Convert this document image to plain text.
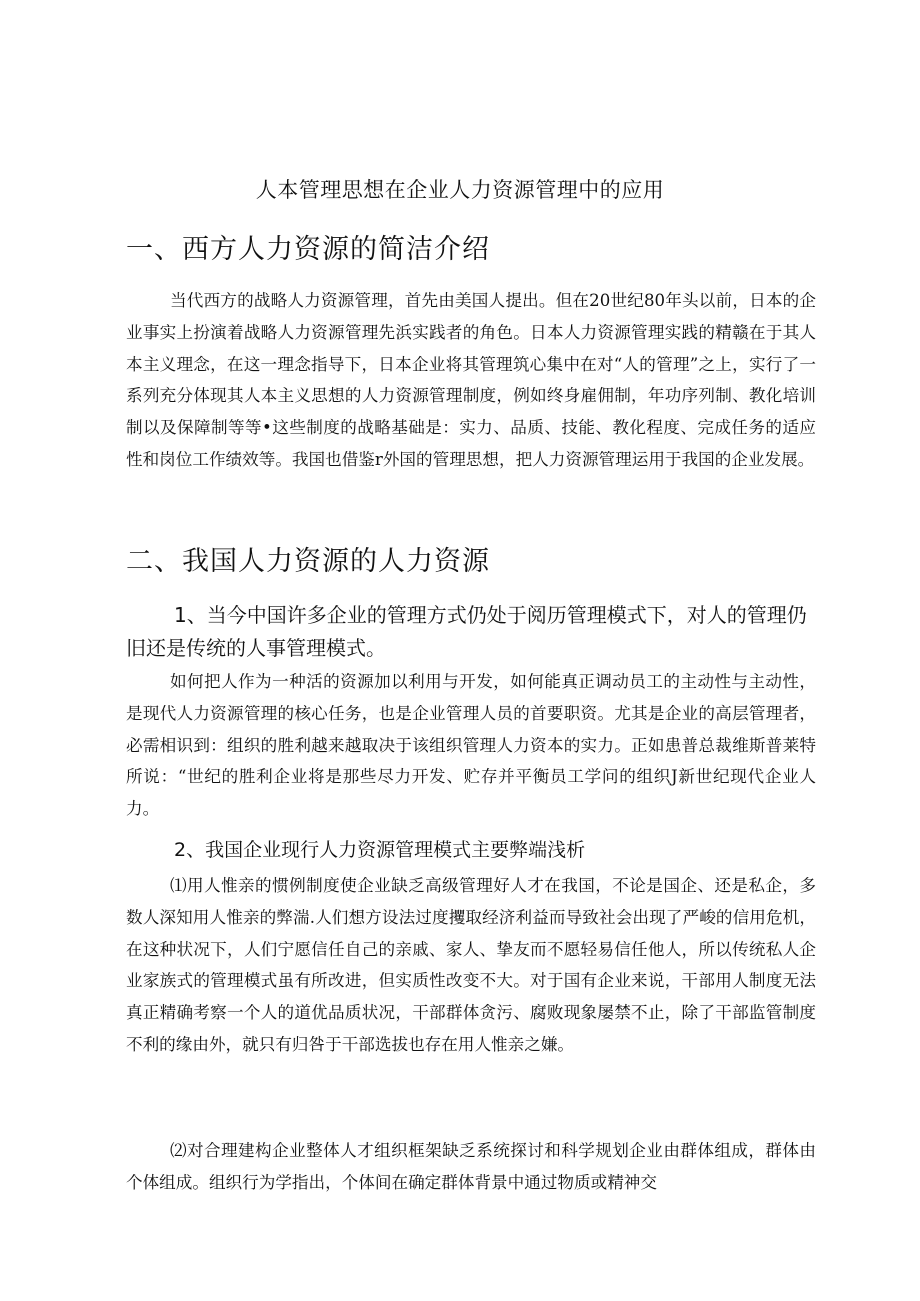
人本管理思想在企业人力资源管理中的应用
一、西方人力资源的简洁介绍

当代西方的战略人力资源管理，首先由美国人提出。但在20世纪80年头以前，日本的企业事实上扮演着战略人力资源管理先浜实践者的角色。日本人力资源管理实践的精赣在于其人本主义理念，在这一理念指导下，日本企业将其管理筑心集中在对“人的管理”之上，实行了一系列充分体现其人本主义思想的人力资源管理制度，例如终身雇佣制，年功序列制、教化培训制以及保障制等等•这些制度的战略基础是：实力、品质、技能、教化程度、完成任务的适应性和岗位工作绩效等。我国也借鉴r外国的管理思想，把人力资源管理运用于我国的企业发展。

二、我国人力资源的人力资源
1、当今中国许多企业的管理方式仍处于阅历管理模式下，对人的管理仍旧还是传统的人事管理模式。

如何把人作为一种活的资源加以利用与开发，如何能真正调动员工的主动性与主动性，是现代人力资源管理的核心任务，也是企业管理人员的首要职资。尤其是企业的高层管理者，必需相识到：组织的胜利越来越取决于该组织管理人力资本的实力。正如患普总裁维斯普莱特所说：“世纪的胜利企业将是那些尽力开发、贮存并平衡员工学问的组织J新世纪现代企业人力。

2、我国企业现行人力资源管理模式主要弊端浅析

⑴用人惟亲的惯例制度使企业缺乏高级管理好人才在我国，不论是国企、还是私企，多数人深知用人惟亲的弊湍.人们想方设法过度攫取经济利益而导致社会出现了严峻的信用危机，在这种状况下，人们宁愿信任自己的亲戚、家人、挚友而不愿轻易信任他人，所以传统私人企业家族式的管理模式虽有所改进，但实质性改变不大。对于国有企业来说，干部用人制度无法真正精确考察一个人的道优品质状况，干部群体贪污、腐败现象屡禁不止，除了干部监管制度不利的缘由外，就只有归咎于干部选拔也存在用人惟亲之嫌。

⑵对合理建构企业整体人才组织框架缺乏系统探讨和科学规划企业由群体组成，群体由个体组成。组织行为学指出，个体间在确定群体背景中通过物质或精神交
